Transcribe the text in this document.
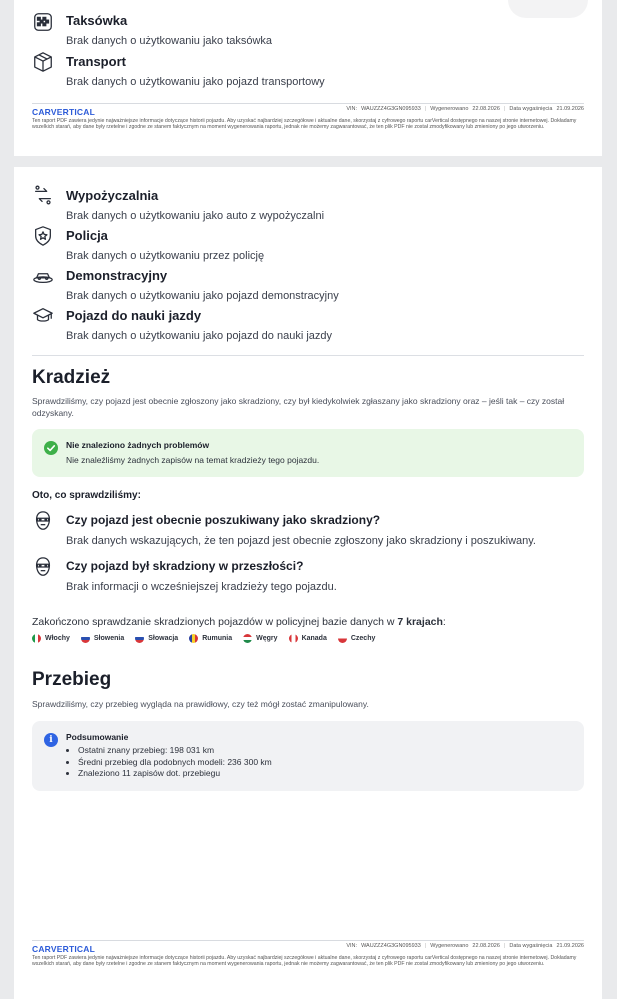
Taksówka
Brak danych o użytkowaniu jako taksówka
Transport
Brak danych o użytkowaniu jako pojazd transportowy
CARVERTICAL	VIN: WAUZZZ4G3GN095933 | Wygenerowano 22.08.2026 | Data wygaśnięcia 21.09.2026
Ten raport PDF zawiera jedynie najważniejsze informacje dotyczące historii pojazdu. Aby uzyskać najbardziej szczegółowe i aktualne dane, skorzystaj z cyfrowego raportu carVertical dostępnego na naszej stronie internetowej. Dokładamy wszelkich starań, aby dane były rzetelne i zgodne ze stanem faktycznym na moment wygenerowania raportu, jednak nie możemy zagwarantować, że ten plik PDF nie został zmodyfikowany lub zmieniony po jego utworzeniu.
Wypożyczalnia
Brak danych o użytkowaniu jako auto z wypożyczalni
Policja
Brak danych o użytkowaniu przez policję
Demonstracyjny
Brak danych o użytkowaniu jako pojazd demonstracyjny
Pojazd do nauki jazdy
Brak danych o użytkowaniu jako pojazd do nauki jazdy
Kradzież
Sprawdziliśmy, czy pojazd jest obecnie zgłoszony jako skradziony, czy był kiedykolwiek zgłaszany jako skradziony oraz – jeśli tak – czy został odzyskany.
Nie znaleziono żadnych problemów
Nie znaleźliśmy żadnych zapisów na temat kradzieży tego pojazdu.
Oto, co sprawdziliśmy:
Czy pojazd jest obecnie poszukiwany jako skradziony?
Brak danych wskazujących, że ten pojazd jest obecnie zgłoszony jako skradziony i poszukiwany.
Czy pojazd był skradziony w przeszłości?
Brak informacji o wcześniejszej kradzieży tego pojazdu.
Zakończono sprawdzanie skradzionych pojazdów w policyjnej bazie danych w 7 krajach:
Włochy	Słowenia	Słowacja	Rumunia	Węgry	Kanada	Czechy
Przebieg
Sprawdziliśmy, czy przebieg wygląda na prawidłowy, czy też mógł zostać zmanipulowany.
i	Podsumowanie
• Ostatni znany przebieg: 198 031 km
• Średni przebieg dla podobnych modeli: 236 300 km
• Znaleziono 11 zapisów dot. przebiegu
CARVERTICAL	VIN: WAUZZZ4G3GN095933 | Wygenerowano 22.08.2026 | Data wygaśnięcia 21.09.2026
Ten raport PDF zawiera jedynie najważniejsze informacje dotyczące historii pojazdu. Aby uzyskać najbardziej szczegółowe i aktualne dane, skorzystaj z cyfrowego raportu carVertical dostępnego na naszej stronie internetowej. Dokładamy wszelkich starań, aby dane były rzetelne i zgodne ze stanem faktycznym na moment wygenerowania raportu, jednak nie możemy zagwarantować, że ten plik PDF nie został zmodyfikowany lub zmieniony po jego utworzeniu.
